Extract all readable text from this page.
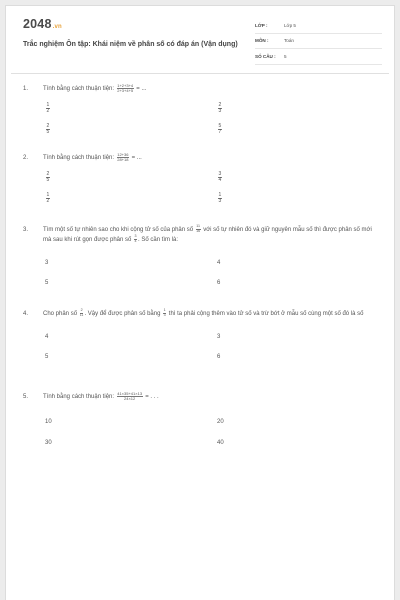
2048.vn
Trắc nghiệm Ôn tập: Khái niệm về phân số có đáp án (Vận dụng)
LỚP :	Lớp 5
MÔN :	Toán
SỐ CÂU :	5
1.	Tính bằng cách thuận tiện: $\frac{1+2+3+4}{2+3+4+5}$ = ...
$\frac{1}{2}$	$\frac{2}{3}$
$\frac{2}{5}$	$\frac{5}{7}$
2.	Tính bằng cách thuận tiện: $\frac{12+36}{28+18}$ = ...
$\frac{2}{5}$	$\frac{3}{4}$
$\frac{1}{2}$	$\frac{1}{3}$
3.	Tìm một số tự nhiên sao cho khi cộng tử số của phân số $\frac{11}{16}$ với số tự nhiên đó và giữ nguyên mẫu số thì được phân số mới mà sau khi rút gọn được phân số $\frac{3}{4}$ . Số cần tìm là:
3	4
5	6
4.	Cho phân số $\frac{2}{11}$ . Vậy để được phân số bằng $\frac{1}{3}$ thì ta phải cộng thêm vào tử số và trừ bớt ở mẫu số cùng một số đó là số
4	3
5	6
5.	Tính bằng cách thuận tiện: $\frac{41\times 35+41\times 13}{24\times 12}$ = . . .
10	20
30	40
